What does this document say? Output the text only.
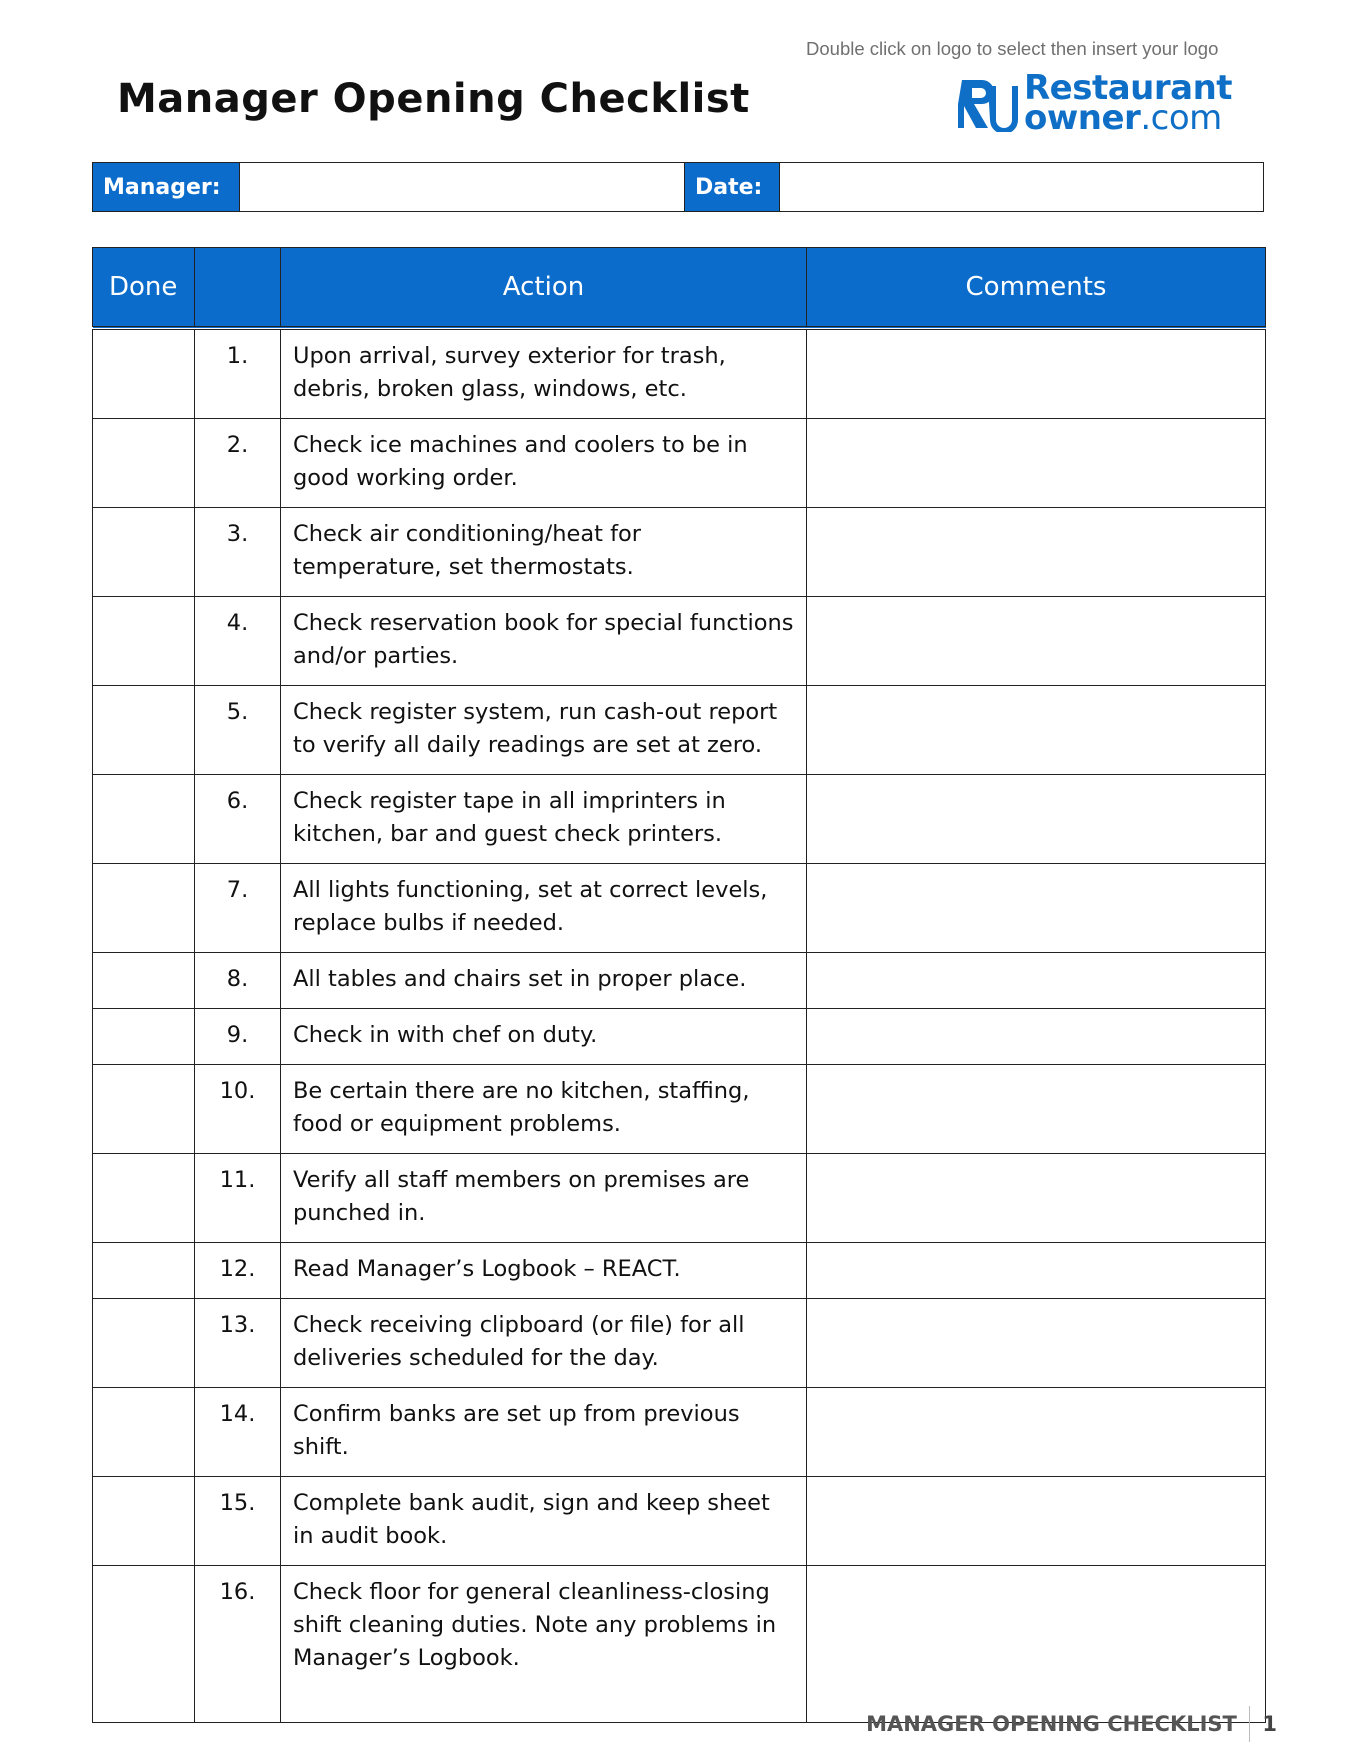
Manager Opening Checklist
Double click on logo to select then insert your logo
Restaurant
owner.com
Manager:	Date:
Done		Action	Comments
	1.	Upon arrival, survey exterior for trash, debris, broken glass, windows, etc.	
	2.	Check ice machines and coolers to be in good working order.	
	3.	Check air conditioning/heat for temperature, set thermostats.	
	4.	Check reservation book for special functions and/or parties.	
	5.	Check register system, run cash-out report to verify all daily readings are set at zero.	
	6.	Check register tape in all imprinters in kitchen, bar and guest check printers.	
	7.	All lights functioning, set at correct levels, replace bulbs if needed.	
	8.	All tables and chairs set in proper place.	
	9.	Check in with chef on duty.	
	10.	Be certain there are no kitchen, staffing, food or equipment problems.	
	11.	Verify all staff members on premises are punched in.	
	12.	Read Manager’s Logbook – REACT.	
	13.	Check receiving clipboard (or file) for all deliveries scheduled for the day.	
	14.	Confirm banks are set up from previous shift.	
	15.	Complete bank audit, sign and keep sheet in audit book.	
	16.	Check floor for general cleanliness-closing shift cleaning duties. Note any problems in Manager’s Logbook.	
MANAGER OPENING CHECKLIST 1
